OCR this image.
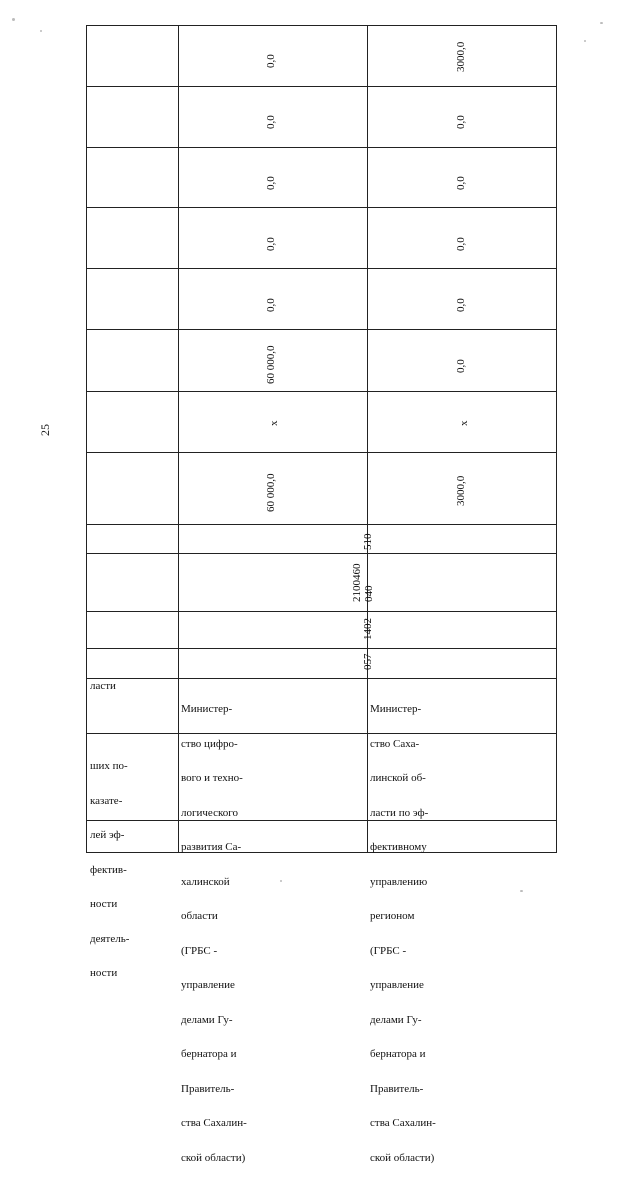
25

ших по-

казате-

лей эф-

фектив-

ности

деятель-

ности

ласти

Министер-

ство цифро-

вого и техно-

логического

развития Са-

халинской

области

(ГРБС -

управление

делами Гу-

бернатора и

Правитель-

ства Сахалин-

ской области)

Министер-

ство Саха-

линской об-

ласти по эф-

фективному

управлению

регионом

(ГРБС -

управление

делами Гу-

бернатора и

Правитель-

ства Сахалин-

ской области)

057
1402
2100460
040
510
60 000,0
x
60 000,0
0,0
0,0
0,0
0,0
0,0
3000,0
x
0,0
0,0
0,0
0,0
0,0
3000,0
